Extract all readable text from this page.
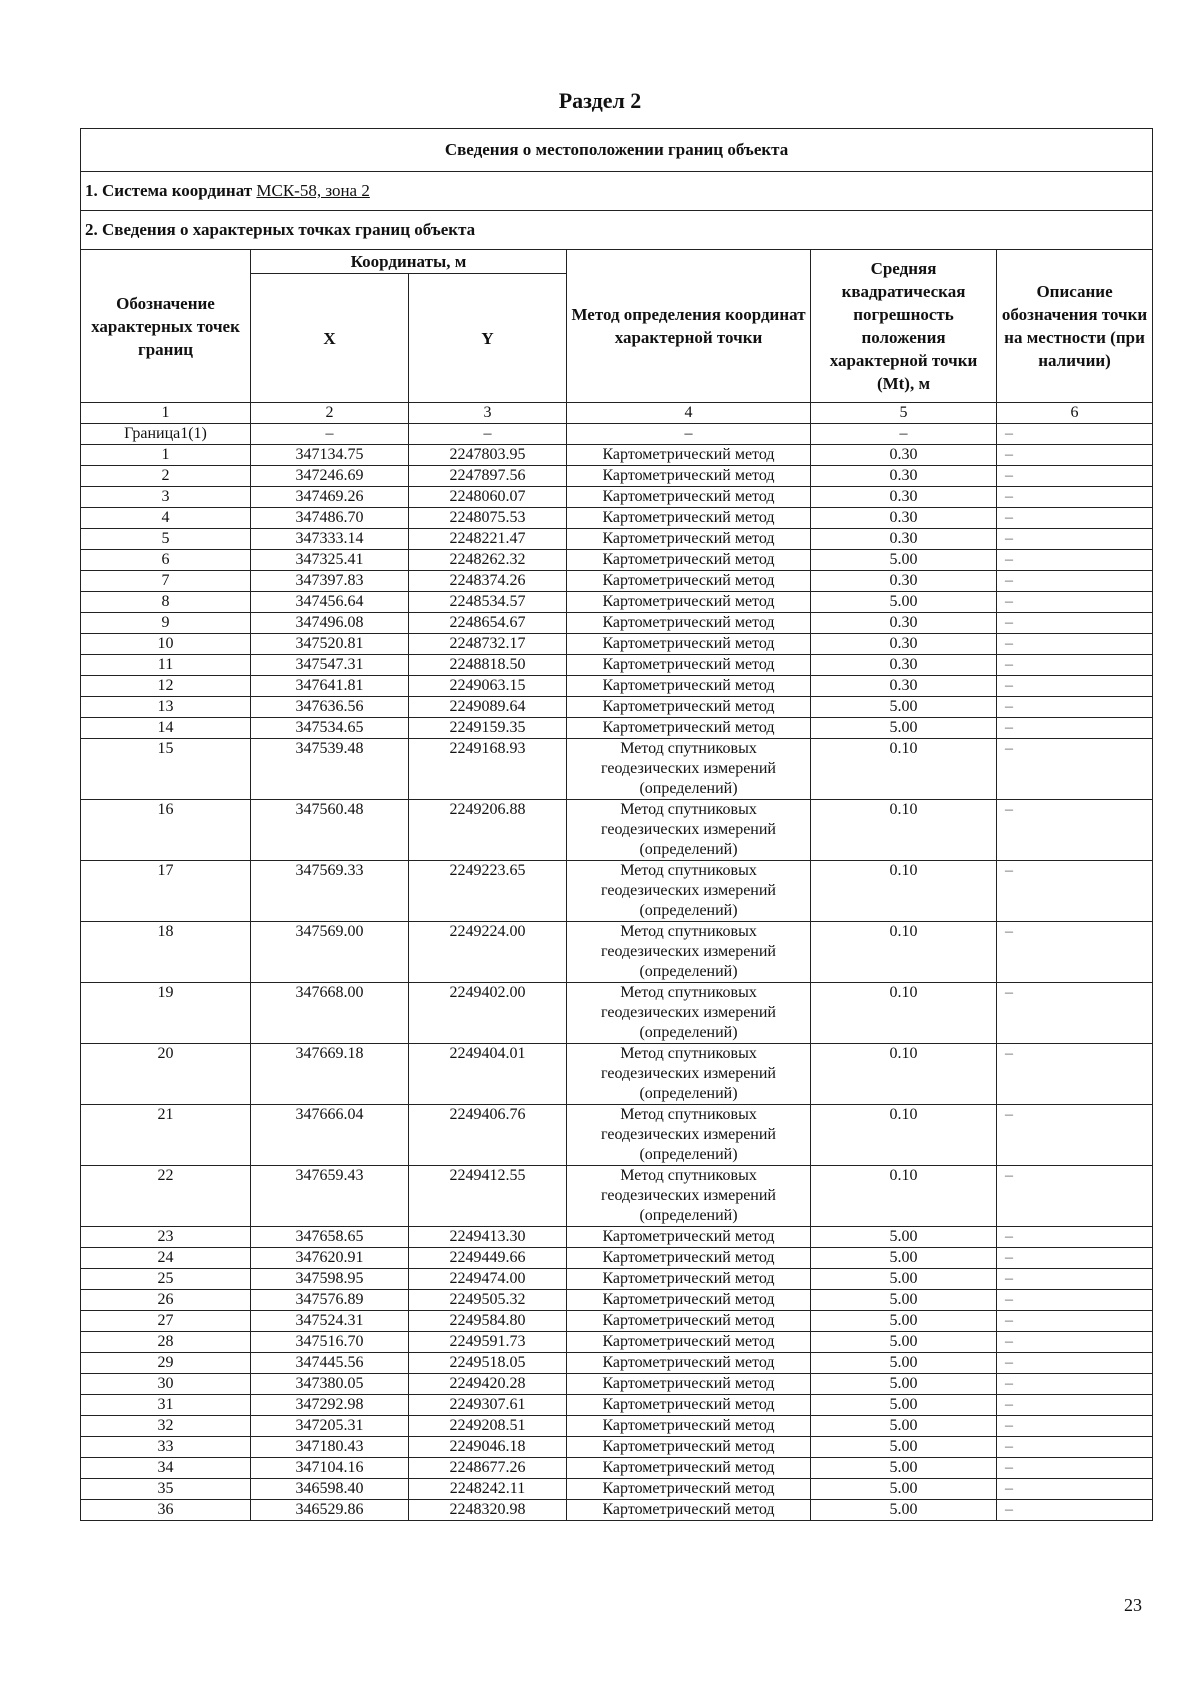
Раздел 2
Сведения о местоположении границ объекта					
1. Система координат МСК-58, зона 2					
2. Сведения о характерных точках границ объекта					
Обозначение характерных точек границ	Координаты, м		Метод определения координат характерной точки	Средняя квадратическая погрешность положения характерной точки (Mt), м	Описание обозначения точки на местности (при наличии)
	X	Y			
1	2	3	4	5	6
Граница1(1)	–	–	–	–	–
1	347134.75	2247803.95	Картометрический метод	0.30	–
2	347246.69	2247897.56	Картометрический метод	0.30	–
3	347469.26	2248060.07	Картометрический метод	0.30	–
4	347486.70	2248075.53	Картометрический метод	0.30	–
5	347333.14	2248221.47	Картометрический метод	0.30	–
6	347325.41	2248262.32	Картометрический метод	5.00	–
7	347397.83	2248374.26	Картометрический метод	0.30	–
8	347456.64	2248534.57	Картометрический метод	5.00	–
9	347496.08	2248654.67	Картометрический метод	0.30	–
10	347520.81	2248732.17	Картометрический метод	0.30	–
11	347547.31	2248818.50	Картометрический метод	0.30	–
12	347641.81	2249063.15	Картометрический метод	0.30	–
13	347636.56	2249089.64	Картометрический метод	5.00	–
14	347534.65	2249159.35	Картометрический метод	5.00	–
15	347539.48	2249168.93	Метод спутниковых геодезических измерений (определений)	0.10	–
16	347560.48	2249206.88	Метод спутниковых геодезических измерений (определений)	0.10	–
17	347569.33	2249223.65	Метод спутниковых геодезических измерений (определений)	0.10	–
18	347569.00	2249224.00	Метод спутниковых геодезических измерений (определений)	0.10	–
19	347668.00	2249402.00	Метод спутниковых геодезических измерений (определений)	0.10	–
20	347669.18	2249404.01	Метод спутниковых геодезических измерений (определений)	0.10	–
21	347666.04	2249406.76	Метод спутниковых геодезических измерений (определений)	0.10	–
22	347659.43	2249412.55	Метод спутниковых геодезических измерений (определений)	0.10	–
23	347658.65	2249413.30	Картометрический метод	5.00	–
24	347620.91	2249449.66	Картометрический метод	5.00	–
25	347598.95	2249474.00	Картометрический метод	5.00	–
26	347576.89	2249505.32	Картометрический метод	5.00	–
27	347524.31	2249584.80	Картометрический метод	5.00	–
28	347516.70	2249591.73	Картометрический метод	5.00	–
29	347445.56	2249518.05	Картометрический метод	5.00	–
30	347380.05	2249420.28	Картометрический метод	5.00	–
31	347292.98	2249307.61	Картометрический метод	5.00	–
32	347205.31	2249208.51	Картометрический метод	5.00	–
33	347180.43	2249046.18	Картометрический метод	5.00	–
34	347104.16	2248677.26	Картометрический метод	5.00	–
35	346598.40	2248242.11	Картометрический метод	5.00	–
36	346529.86	2248320.98	Картометрический метод	5.00	–
23
